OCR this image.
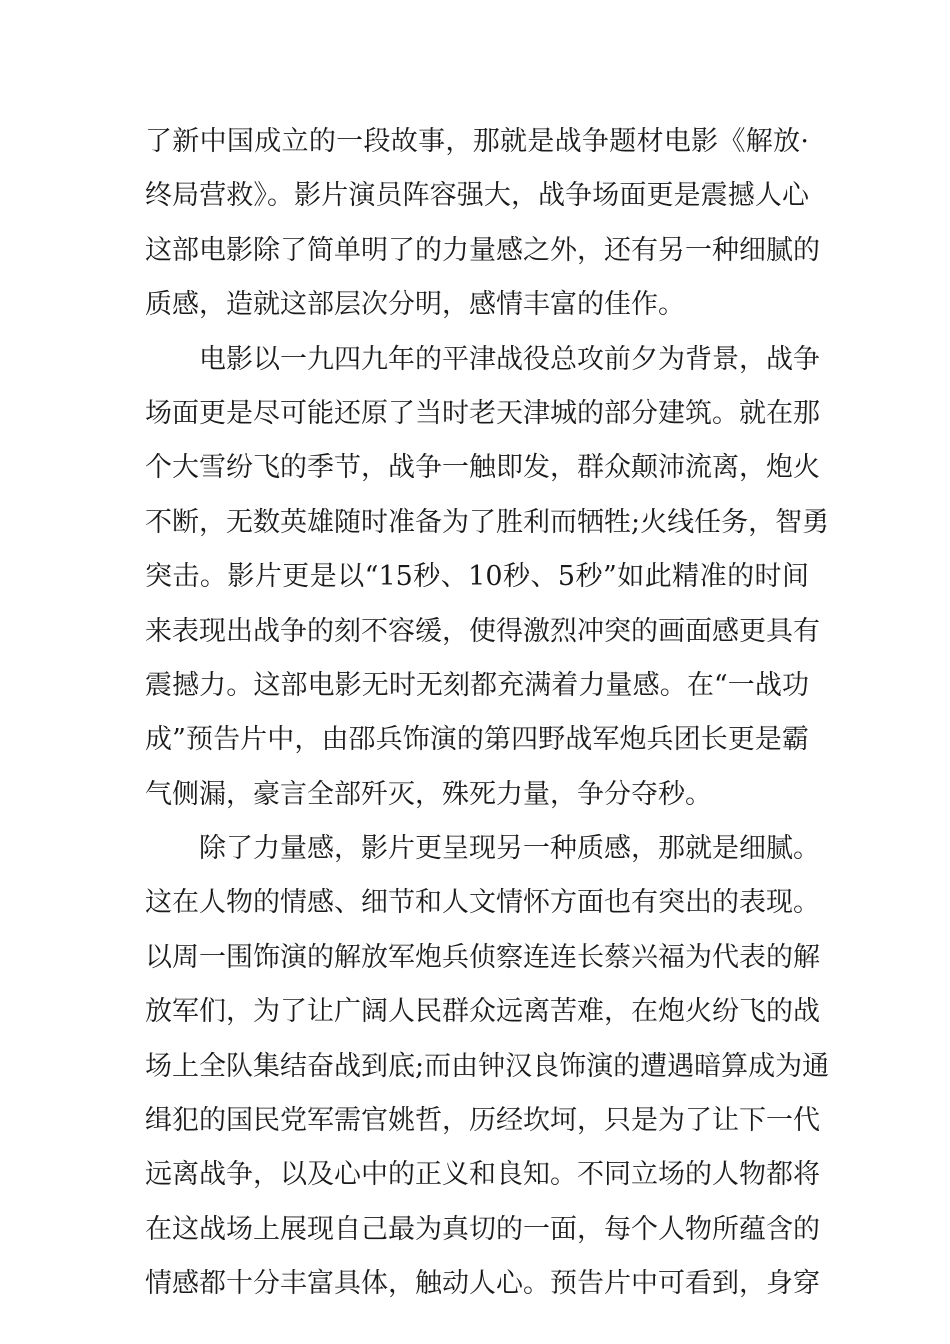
了新中国成立的一段故事，那就是战争题材电影《解放·
终局营救》。影片演员阵容强大，战争场面更是震撼人心
这部电影除了简单明了的力量感之外，还有另一种细腻的
质感，造就这部层次分明，感情丰富的佳作。
电影以一九四九年的平津战役总攻前夕为背景，战争
场面更是尽可能还原了当时老天津城的部分建筑。就在那
个大雪纷飞的季节，战争一触即发，群众颠沛流离，炮火
不断，无数英雄随时准备为了胜利而牺牲;火线任务，智勇
突击。影片更是以“15秒、10秒、5秒”如此精准的时间
来表现出战争的刻不容缓，使得激烈冲突的画面感更具有
震撼力。这部电影无时无刻都充满着力量感。在“一战功
成”预告片中，由邵兵饰演的第四野战军炮兵团长更是霸
气侧漏，豪言全部歼灭，殊死力量，争分夺秒。
除了力量感，影片更呈现另一种质感，那就是细腻。
这在人物的情感、细节和人文情怀方面也有突出的表现。
以周一围饰演的解放军炮兵侦察连连长蔡兴福为代表的解
放军们，为了让广阔人民群众远离苦难，在炮火纷飞的战
场上全队集结奋战到底;而由钟汉良饰演的遭遇暗算成为通
缉犯的国民党军需官姚哲，历经坎坷，只是为了让下一代
远离战争，以及心中的正义和良知。不同立场的人物都将
在这战场上展现自己最为真切的一面，每个人物所蕴含的
情感都十分丰富具体，触动人心。预告片中可看到，身穿
